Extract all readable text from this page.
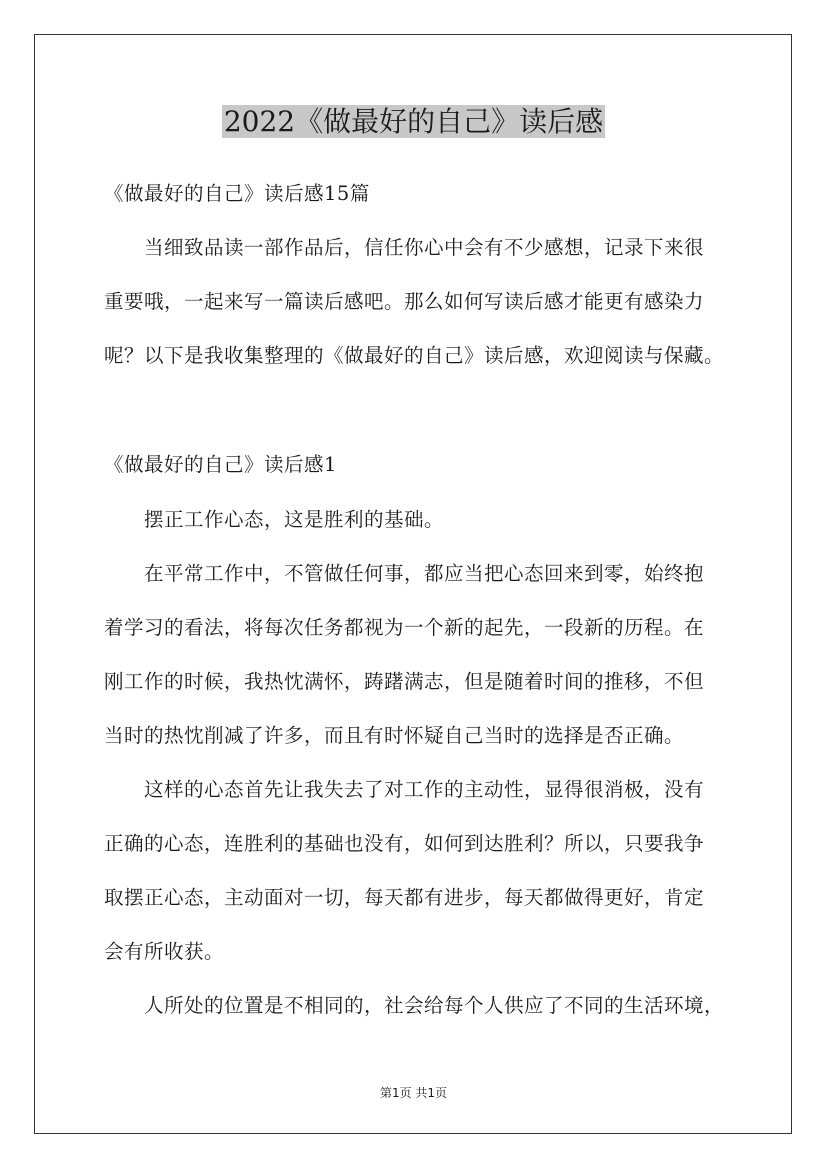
2022《做最好的自己》读后感
《做最好的自己》读后感15篇
当细致品读一部作品后，信任你心中会有不少感想，记录下来很
重要哦，一起来写一篇读后感吧。那么如何写读后感才能更有感染力
呢？以下是我收集整理的《做最好的自己》读后感，欢迎阅读与保藏。
《做最好的自己》读后感1
摆正工作心态，这是胜利的基础。
在平常工作中，不管做任何事，都应当把心态回来到零，始终抱
着学习的看法，将每次任务都视为一个新的起先，一段新的历程。在
刚工作的时候，我热忱满怀，踌躇满志，但是随着时间的推移，不但
当时的热忱削减了许多，而且有时怀疑自己当时的选择是否正确。
这样的心态首先让我失去了对工作的主动性，显得很消极，没有
正确的心态，连胜利的基础也没有，如何到达胜利？所以，只要我争
取摆正心态，主动面对一切，每天都有进步，每天都做得更好，肯定
会有所收获。
人所处的位置是不相同的，社会给每个人供应了不同的生活环境，
第1页 共1页
